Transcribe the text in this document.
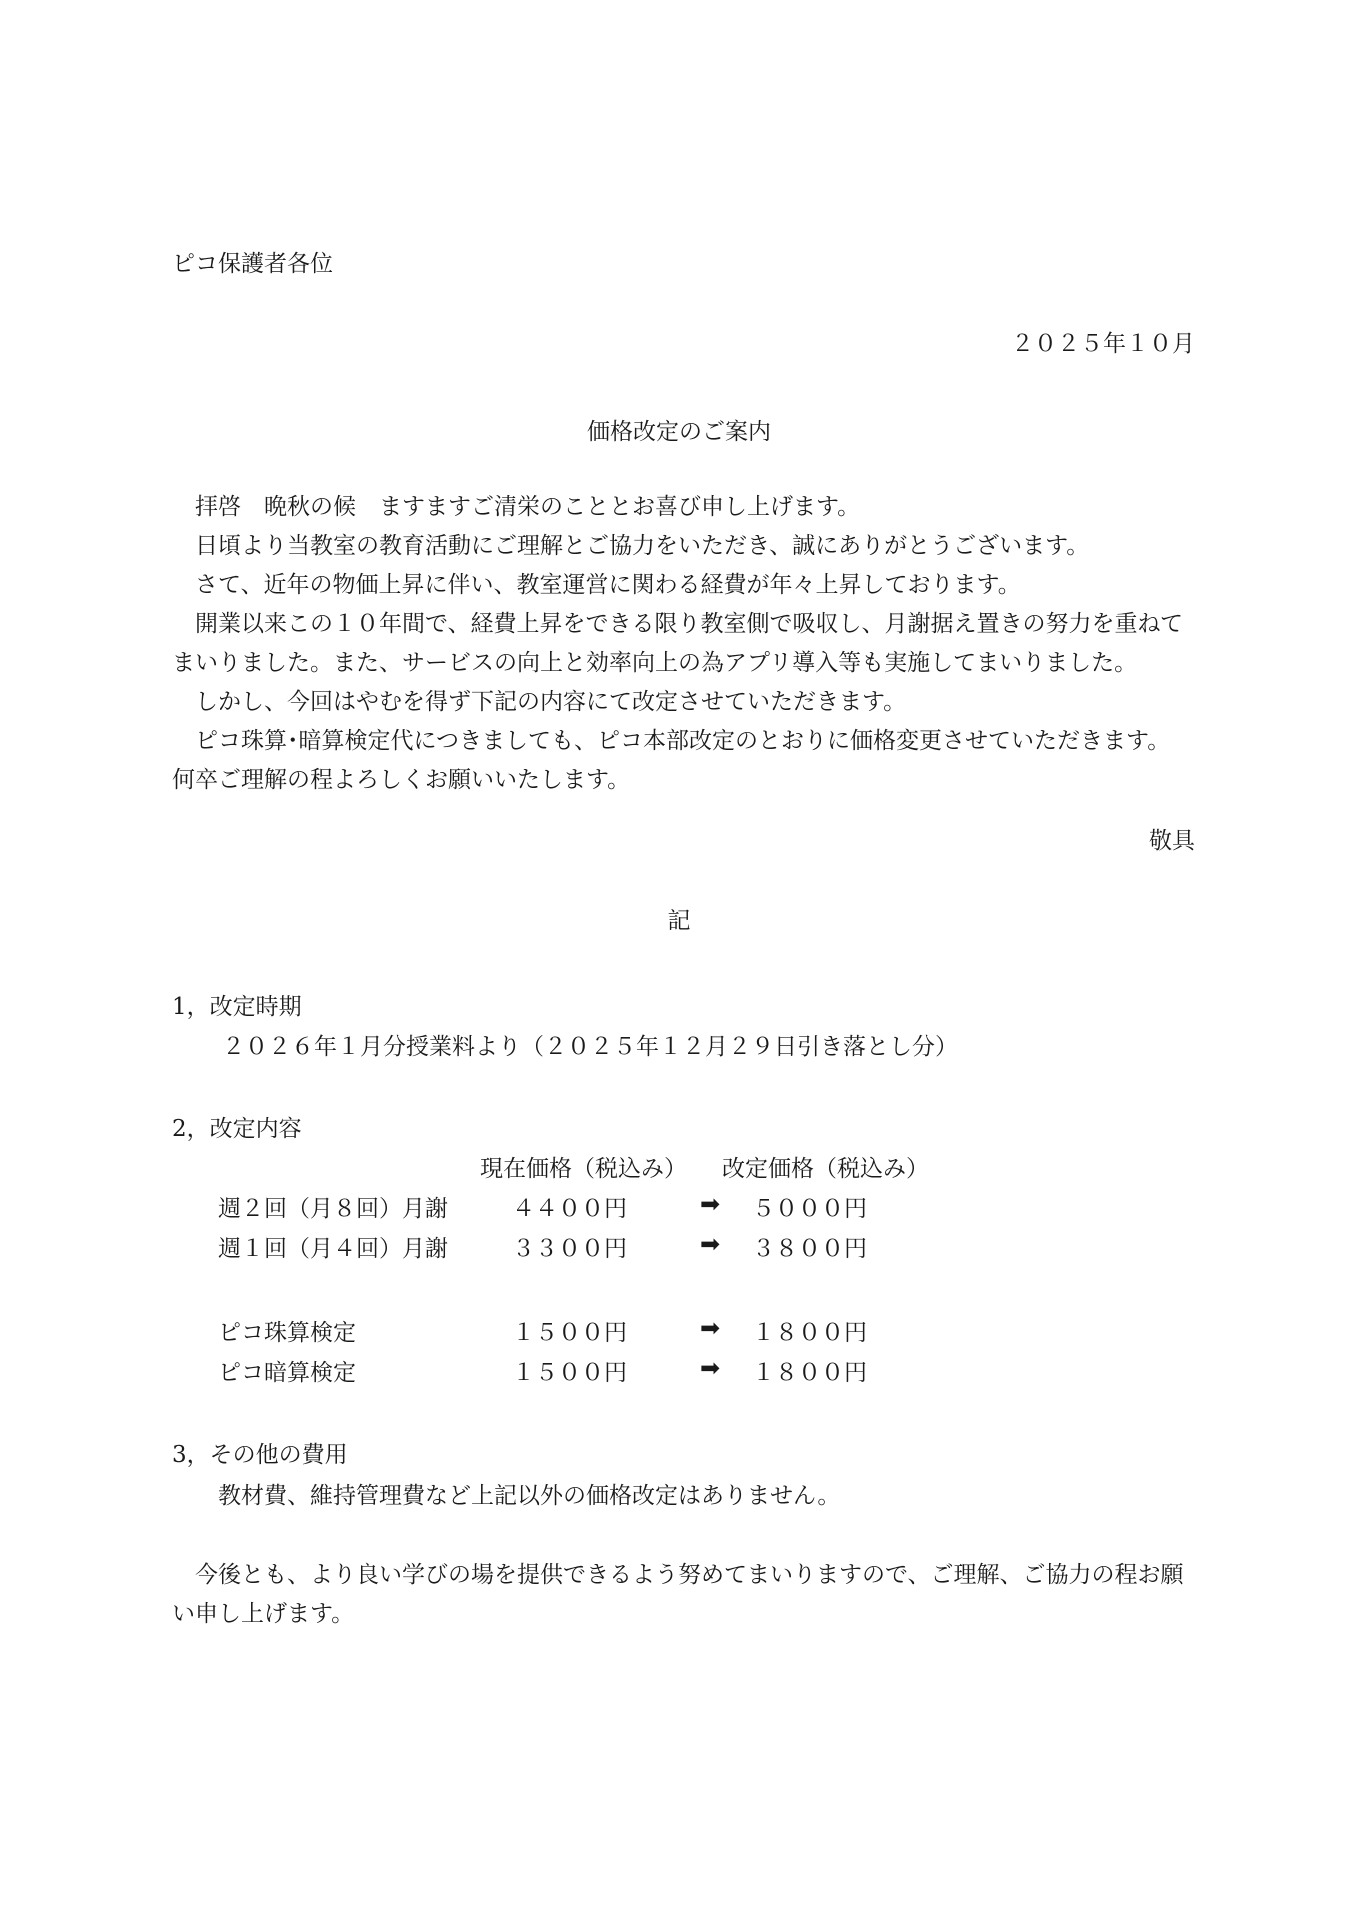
ピコ保護者各位
２０２５年１０月
価格改定のご案内
拝啓　晩秋の候　ますますご清栄のこととお喜び申し上げます。
日頃より当教室の教育活動にご理解とご協力をいただき、誠にありがとうございます。
さて、近年の物価上昇に伴い、教室運営に関わる経費が年々上昇しております。
開業以来この１０年間で、経費上昇をできる限り教室側で吸収し、月謝据え置きの努力を重ねてまいりました。また、サービスの向上と効率向上の為アプリ導入等も実施してまいりました。
しかし、今回はやむを得ず下記の内容にて改定させていただきます。
ピコ珠算･暗算検定代につきましても、ピコ本部改定のとおりに価格変更させていただきます。何卒ご理解の程よろしくお願いいたします。
敬具
記
1，改定時期
２０２６年１月分授業料より（２０２５年１２月２９日引き落とし分）
2，改定内容
現在価格（税込み） 改定価格（税込み）
週２回（月８回）月謝	４４００円	➡ ５０００円
週１回（月４回）月謝	３３００円	➡ ３８００円
ピコ珠算検定	１５００円	➡ １８００円
ピコ暗算検定	１５００円	➡ １８００円
3，その他の費用
教材費、維持管理費など上記以外の価格改定はありません。
今後とも、より良い学びの場を提供できるよう努めてまいりますので、ご理解、ご協力の程お願い申し上げます。
